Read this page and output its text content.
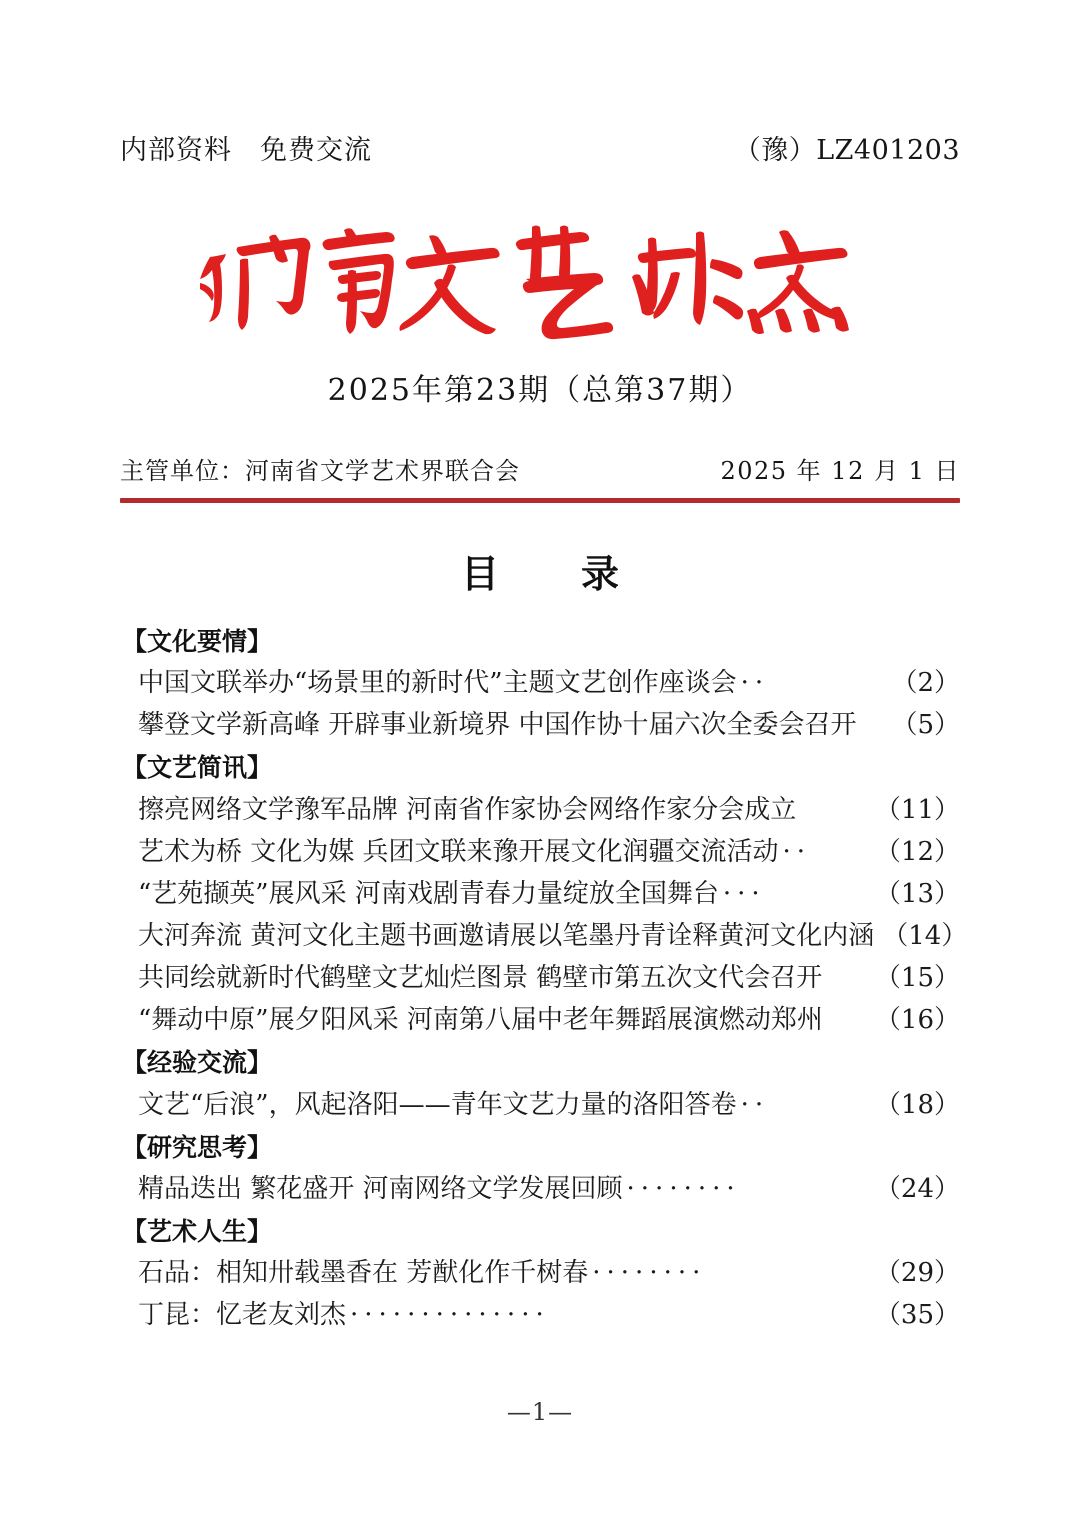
内部资料　免费交流	（豫）LZ401203
2025年第23期（总第37期）
主管单位：河南省文学艺术界联合会	2025 年 12 月 1 日
目　录
【文化要情】
中国文联举办“场景里的新时代”主题文艺创作座谈会 ··	（2）
攀登文学新高峰 开辟事业新境界 中国作协十届六次全委会召开 （5）
【文艺简讯】
擦亮网络文学豫军品牌 河南省作家协会网络作家分会成立	（11）
艺术为桥 文化为媒 兵团文联来豫开展文化润疆交流活动 ··	（12）
“艺苑撷英”展风采 河南戏剧青春力量绽放全国舞台 ···	（13）
大河奔流 黄河文化主题书画邀请展以笔墨丹青诠释黄河文化内涵 （14）
共同绘就新时代鹤壁文艺灿烂图景 鹤壁市第五次文代会召开 （15）
“舞动中原”展夕阳风采 河南第八届中老年舞蹈展演燃动郑州 （16）
【经验交流】
文艺“后浪”，风起洛阳——青年文艺力量的洛阳答卷 ··	（18）
【研究思考】
精品迭出 繁花盛开 河南网络文学发展回顾 ········	（24）
【艺术人生】
石品：相知卅载墨香在 芳猷化作千树春 ········	（29）
丁昆：忆老友刘杰 ··············	（35）
—1—
